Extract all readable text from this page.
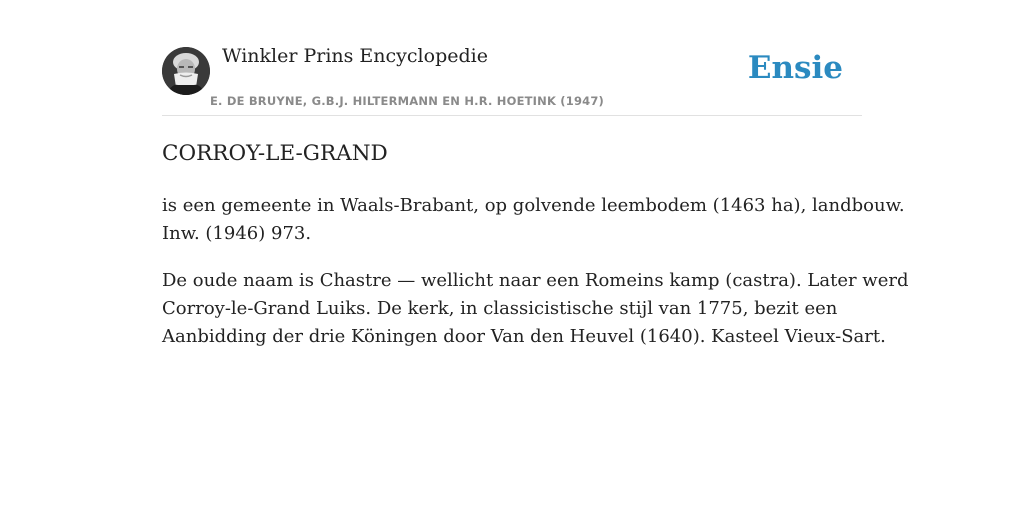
Winkler Prins Encyclopedie
E. DE BRUYNE, G.B.J. HILTERMANN EN H.R. HOETINK (1947)
Ensie
CORROY-LE-GRAND

is een gemeente in Waals-Brabant, op golvende leembodem (1463 ha), landbouw.
Inw. (1946) 973.

De oude naam is Chastre — wellicht naar een Romeins kamp (castra). Later werd
Corroy-le-Grand Luiks. De kerk, in classicistische stijl van 1775, bezit een
Aanbidding der drie Köningen door Van den Heuvel (1640). Kasteel Vieux-Sart.
